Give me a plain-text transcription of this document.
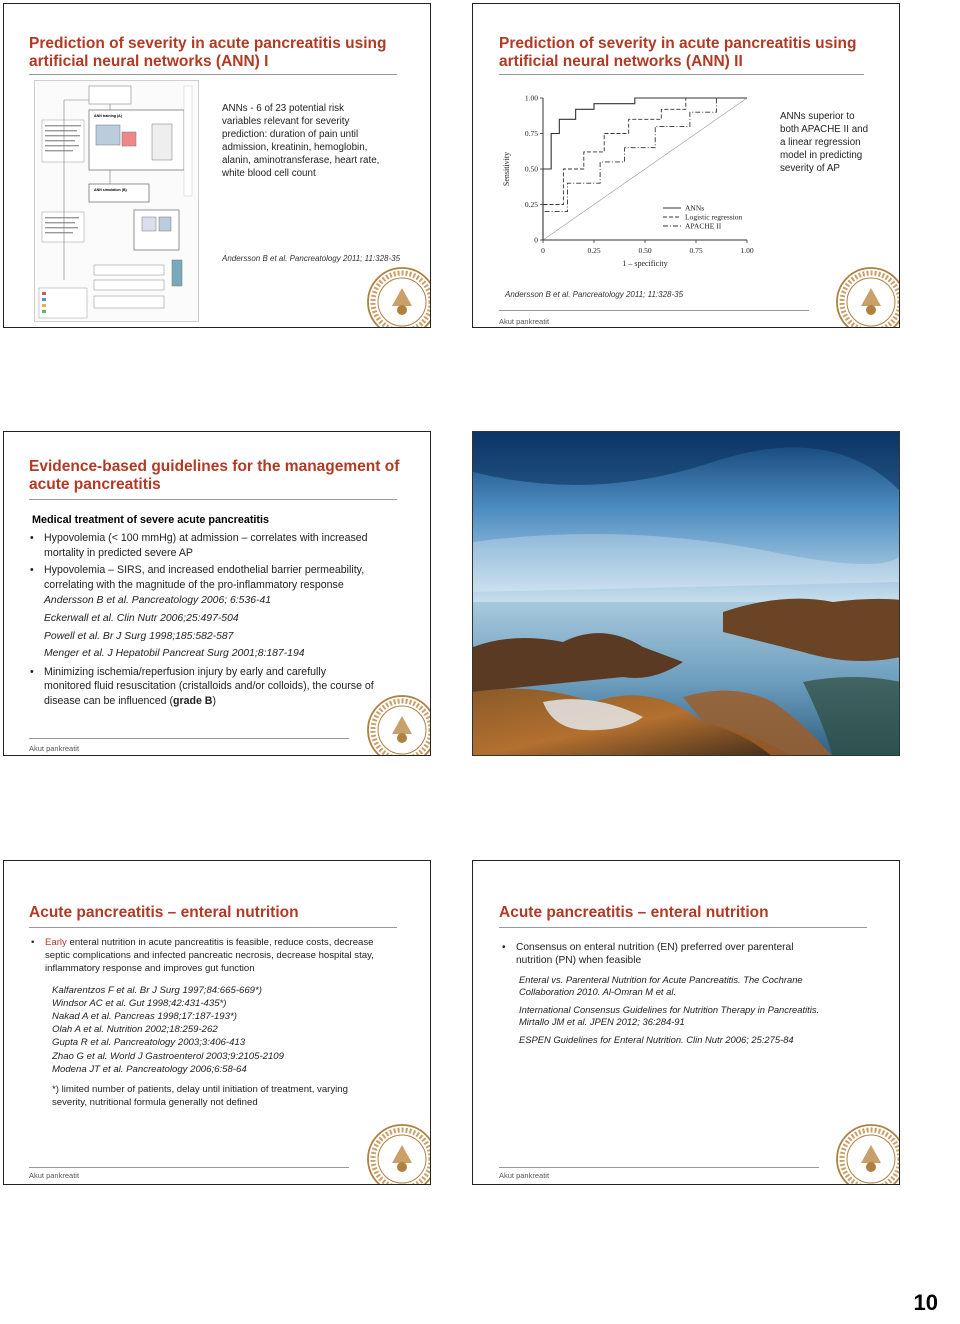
Prediction of severity in acute pancreatitis using artificial neural networks (ANN) I
ANN training (A)
ANN simulation (B)
ANNs - 6 of 23 potential risk variables relevant for severity prediction: duration of pain until admission, kreatinin, hemoglobin, alanin, aminotransferase, heart rate, white blood cell count
Andersson B et al. Pancreatology 2011; 11:328-35
Prediction of severity in acute pancreatitis using artificial neural networks (ANN) II
0	0.25	0.50	0.75	1.00
0
0.25
0.50
0.75
1.00
1 – specificity
Sensitivity
ANNs
Logistic regression
APACHE II
ANNs superior to both APACHE II and a linear regression model in predicting severity of AP
Andersson B et al. Pancreatology 2011; 11:328-35
Akut pankreatit
Evidence-based guidelines for the management of acute pancreatitis
Medical treatment of severe acute pancreatitis
• Hypovolemia (< 100 mmHg) at admission – correlates with increased mortality in predicted severe AP
• Hypovolemia – SIRS, and increased endothelial barrier permeability, correlating with the magnitude of the pro-inflammatory response
Andersson B et al. Pancreatology 2006; 6:536-41
Eckerwall et al. Clin Nutr 2006;25:497-504
Powell et al. Br J Surg 1998;185:582-587
Menger et al. J Hepatobil Pancreat Surg 2001;8:187-194
• Minimizing ischemia/reperfusion injury by early and carefully monitored fluid resuscitation (cristalloids and/or colloids), the course of disease can be influenced (grade B)
Akut pankreatit
Acute pancreatitis – enteral nutrition
• Early enteral nutrition in acute pancreatitis is feasible, reduce costs, decrease septic complications and infected pancreatic necrosis, decrease hospital stay, inflammatory response and improves gut function
Kalfarentzos F et al. Br J Surg 1997;84:665-669*)
Windsor AC et al. Gut 1998;42:431-435*)
Nakad A et al. Pancreas 1998;17:187-193*)
Olah A et al. Nutrition 2002;18:259-262
Gupta R et al. Pancreatology 2003;3:406-413
Zhao G et al. World J Gastroenterol 2003;9:2105-2109
Modena JT et al. Pancreatology 2006;6:58-64
*) limited number of patients, delay until initiation of treatment, varying severity, nutritional formula generally not defined
Akut pankreatit
Acute pancreatitis – enteral nutrition
• Consensus on enteral nutrition (EN) preferred over parenteral nutrition (PN) when feasible
Enteral vs. Parenteral Nutrition for Acute Pancreatitis. The Cochrane Collaboration 2010. Al-Omran M et al.
International Consensus Guidelines for Nutrition Therapy in Pancreatitis. Mirtallo JM et al. JPEN 2012; 36:284-91
ESPEN Guidelines for Enteral Nutrition. Clin Nutr 2006; 25:275-84
Akut pankreatit
10
